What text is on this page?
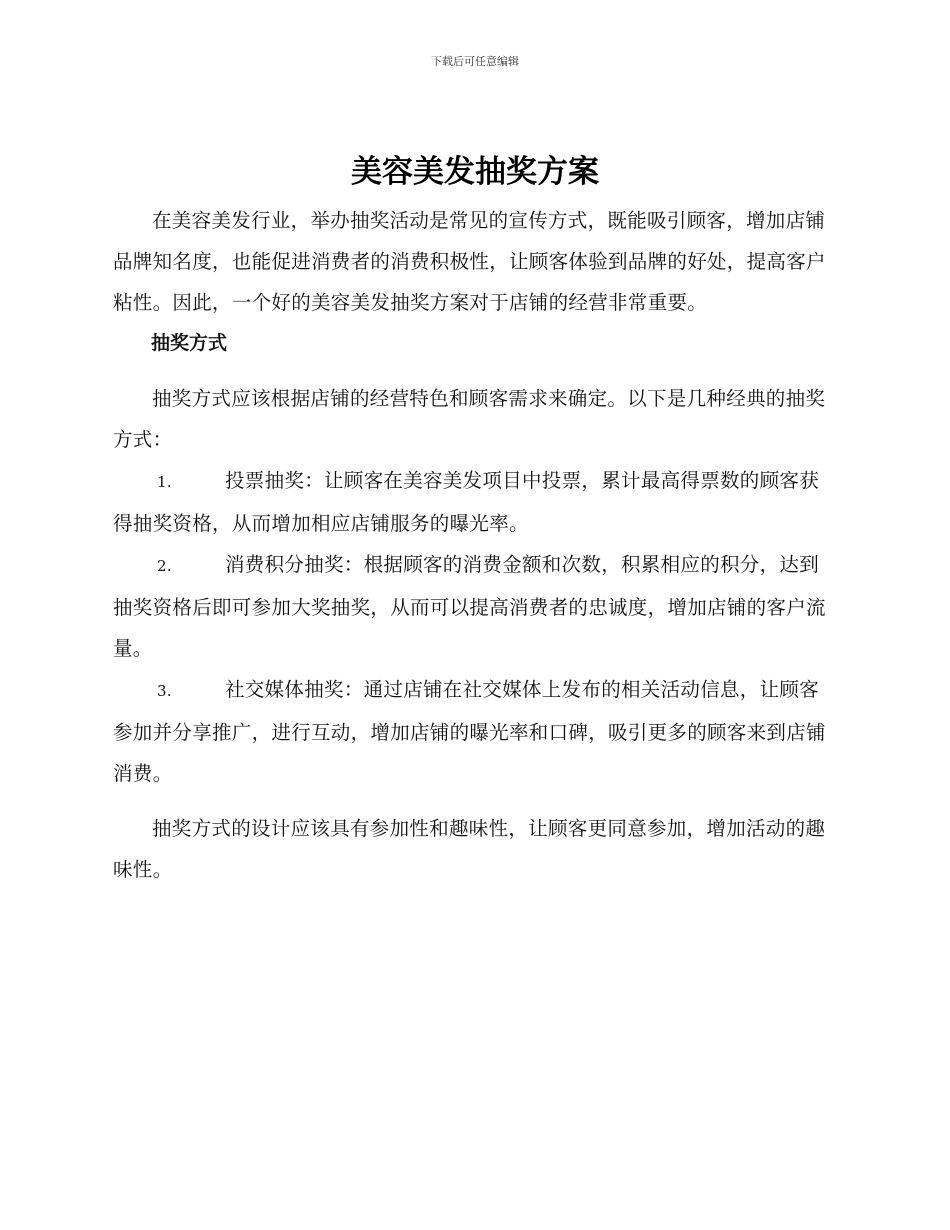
下载后可任意编辑
美容美发抽奖方案

在美容美发行业，举办抽奖活动是常见的宣传方式，既能吸引顾客，增加店铺品牌知名度，也能促进消费者的消费积极性，让顾客体验到品牌的好处，提高客户粘性。因此，一个好的美容美发抽奖方案对于店铺的经营非常重要。

抽奖方式

抽奖方式应该根据店铺的经营特色和顾客需求来确定。以下是几种经典的抽奖方式：

1.	投票抽奖：让顾客在美容美发项目中投票，累计最高得票数的顾客获得抽奖资格，从而增加相应店铺服务的曝光率。

2.	消费积分抽奖：根据顾客的消费金额和次数，积累相应的积分，达到抽奖资格后即可参加大奖抽奖，从而可以提高消费者的忠诚度，增加店铺的客户流量。

3.	社交媒体抽奖：通过店铺在社交媒体上发布的相关活动信息，让顾客参加并分享推广，进行互动，增加店铺的曝光率和口碑，吸引更多的顾客来到店铺消费。

抽奖方式的设计应该具有参加性和趣味性，让顾客更同意参加，增加活动的趣味性。
